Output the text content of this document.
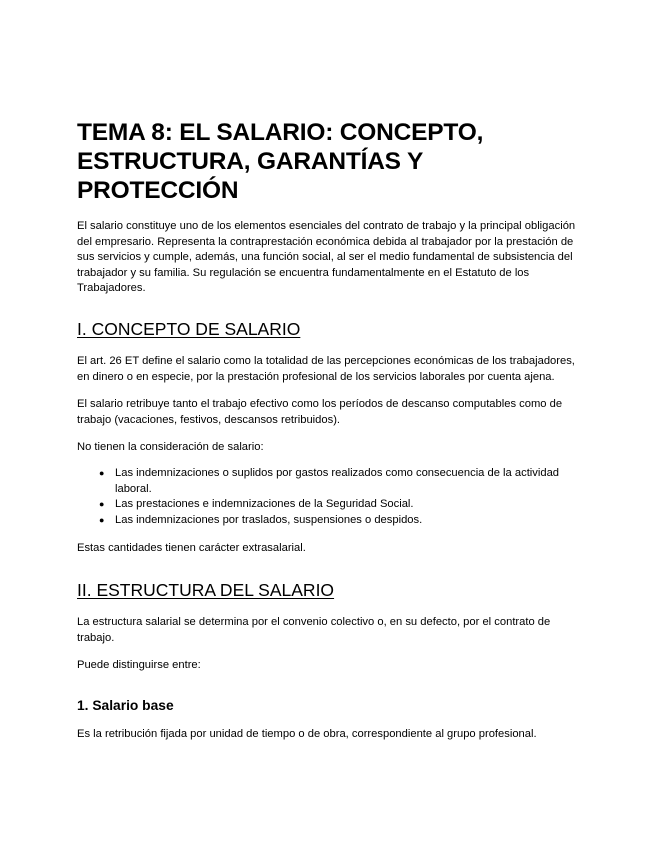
TEMA 8: EL SALARIO: CONCEPTO, ESTRUCTURA, GARANTÍAS Y PROTECCIÓN

El salario constituye uno de los elementos esenciales del contrato de trabajo y la principal obligación del empresario. Representa la contraprestación económica debida al trabajador por la prestación de sus servicios y cumple, además, una función social, al ser el medio fundamental de subsistencia del trabajador y su familia. Su regulación se encuentra fundamentalmente en el Estatuto de los Trabajadores.

I. CONCEPTO DE SALARIO

El art. 26 ET define el salario como la totalidad de las percepciones económicas de los trabajadores, en dinero o en especie, por la prestación profesional de los servicios laborales por cuenta ajena.

El salario retribuye tanto el trabajo efectivo como los períodos de descanso computables como de trabajo (vacaciones, festivos, descansos retribuidos).

No tienen la consideración de salario:

● Las indemnizaciones o suplidos por gastos realizados como consecuencia de la actividad laboral.
● Las prestaciones e indemnizaciones de la Seguridad Social.
● Las indemnizaciones por traslados, suspensiones o despidos.

Estas cantidades tienen carácter extrasalarial.

II. ESTRUCTURA DEL SALARIO

La estructura salarial se determina por el convenio colectivo o, en su defecto, por el contrato de trabajo.

Puede distinguirse entre:

1. Salario base

Es la retribución fijada por unidad de tiempo o de obra, correspondiente al grupo profesional.
